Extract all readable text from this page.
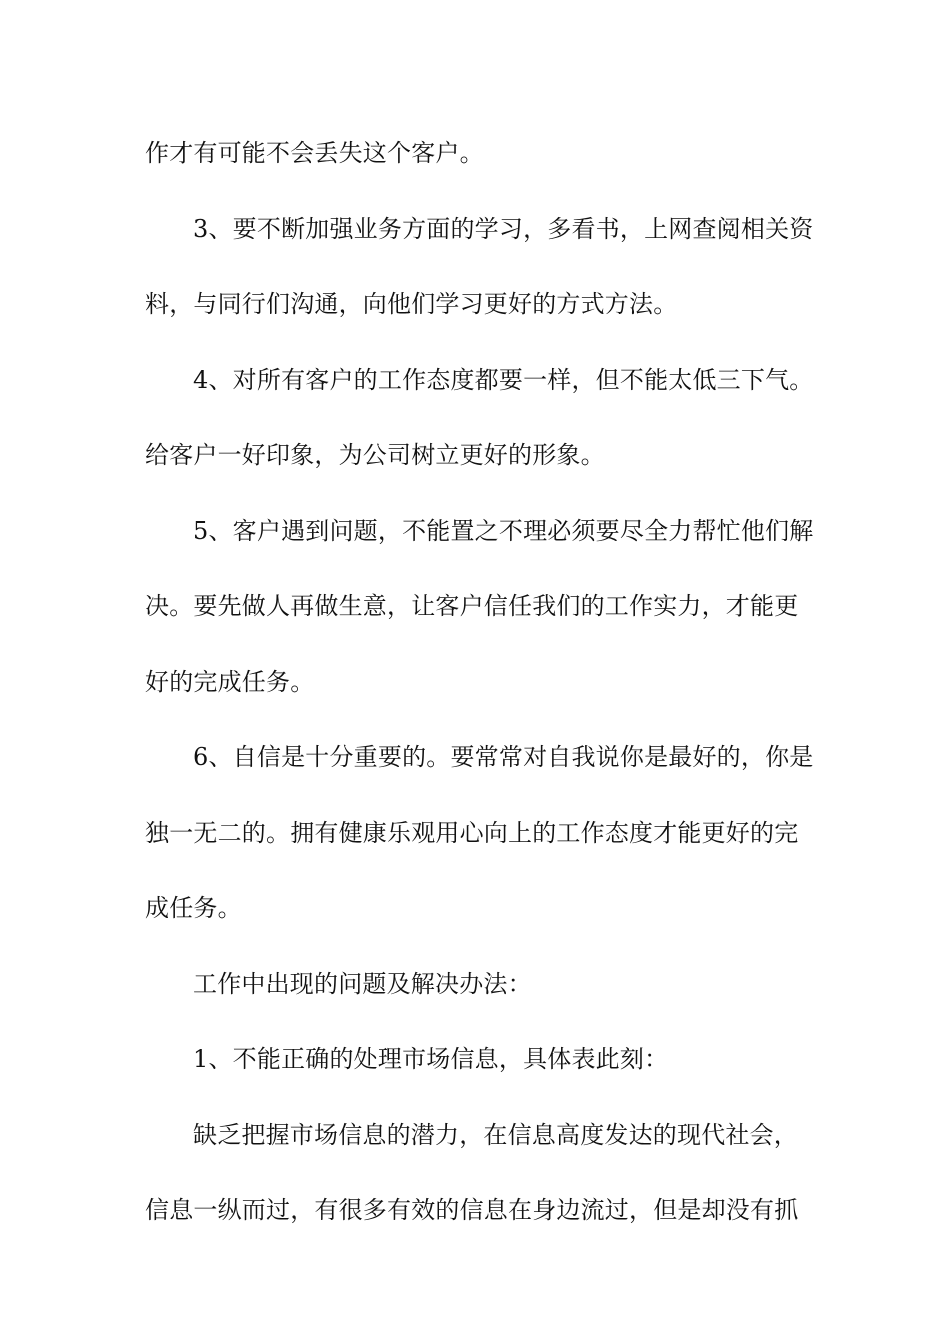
作才有可能不会丢失这个客户。
3、要不断加强业务方面的学习，多看书，上网查阅相关资
料，与同行们沟通，向他们学习更好的方式方法。
4、对所有客户的工作态度都要一样，但不能太低三下气。
给客户一好印象，为公司树立更好的形象。
5、客户遇到问题，不能置之不理必须要尽全力帮忙他们解
决。要先做人再做生意，让客户信任我们的工作实力，才能更
好的完成任务。
6、自信是十分重要的。要常常对自我说你是最好的，你是
独一无二的。拥有健康乐观用心向上的工作态度才能更好的完
成任务。
工作中出现的问题及解决办法：
1、不能正确的处理市场信息，具体表此刻：
缺乏把握市场信息的潜力，在信息高度发达的现代社会，
信息一纵而过，有很多有效的信息在身边流过，但是却没有抓
